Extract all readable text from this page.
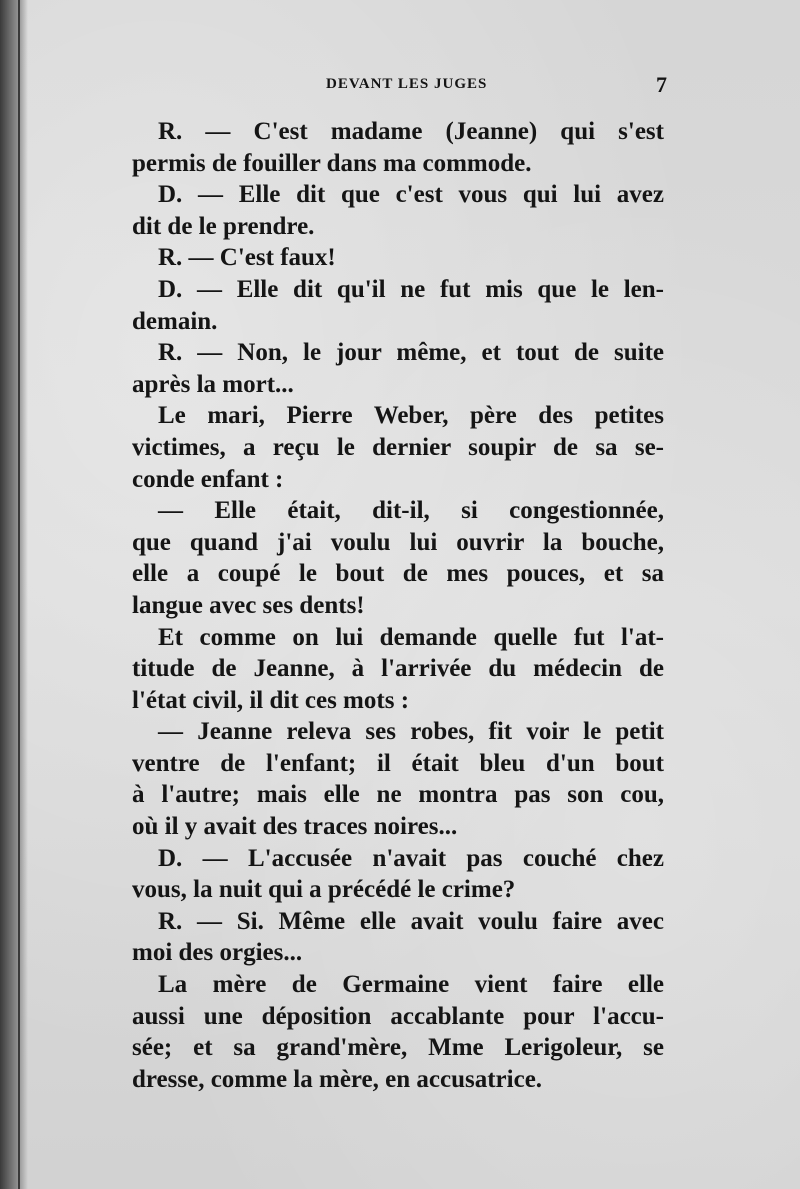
DEVANT LES JUGES	7
R. — C'est madame (Jeanne) qui s'est
permis de fouiller dans ma commode.
D. — Elle dit que c'est vous qui lui avez
dit de le prendre.
R. — C'est faux!
D. — Elle dit qu'il ne fut mis que le len-
demain.
R. — Non, le jour même, et tout de suite
après la mort...
Le mari, Pierre Weber, père des petites
victimes, a reçu le dernier soupir de sa se-
conde enfant :
— Elle était, dit-il, si congestionnée,
que quand j'ai voulu lui ouvrir la bouche,
elle a coupé le bout de mes pouces, et sa
langue avec ses dents!
Et comme on lui demande quelle fut l'at-
titude de Jeanne, à l'arrivée du médecin de
l'état civil, il dit ces mots :
— Jeanne releva ses robes, fit voir le petit
ventre de l'enfant; il était bleu d'un bout
à l'autre; mais elle ne montra pas son cou,
où il y avait des traces noires...
D. — L'accusée n'avait pas couché chez
vous, la nuit qui a précédé le crime?
R. — Si. Même elle avait voulu faire avec
moi des orgies...
La mère de Germaine vient faire elle
aussi une déposition accablante pour l'accu-
sée; et sa grand'mère, Mme Lerigoleur, se
dresse, comme la mère, en accusatrice.
